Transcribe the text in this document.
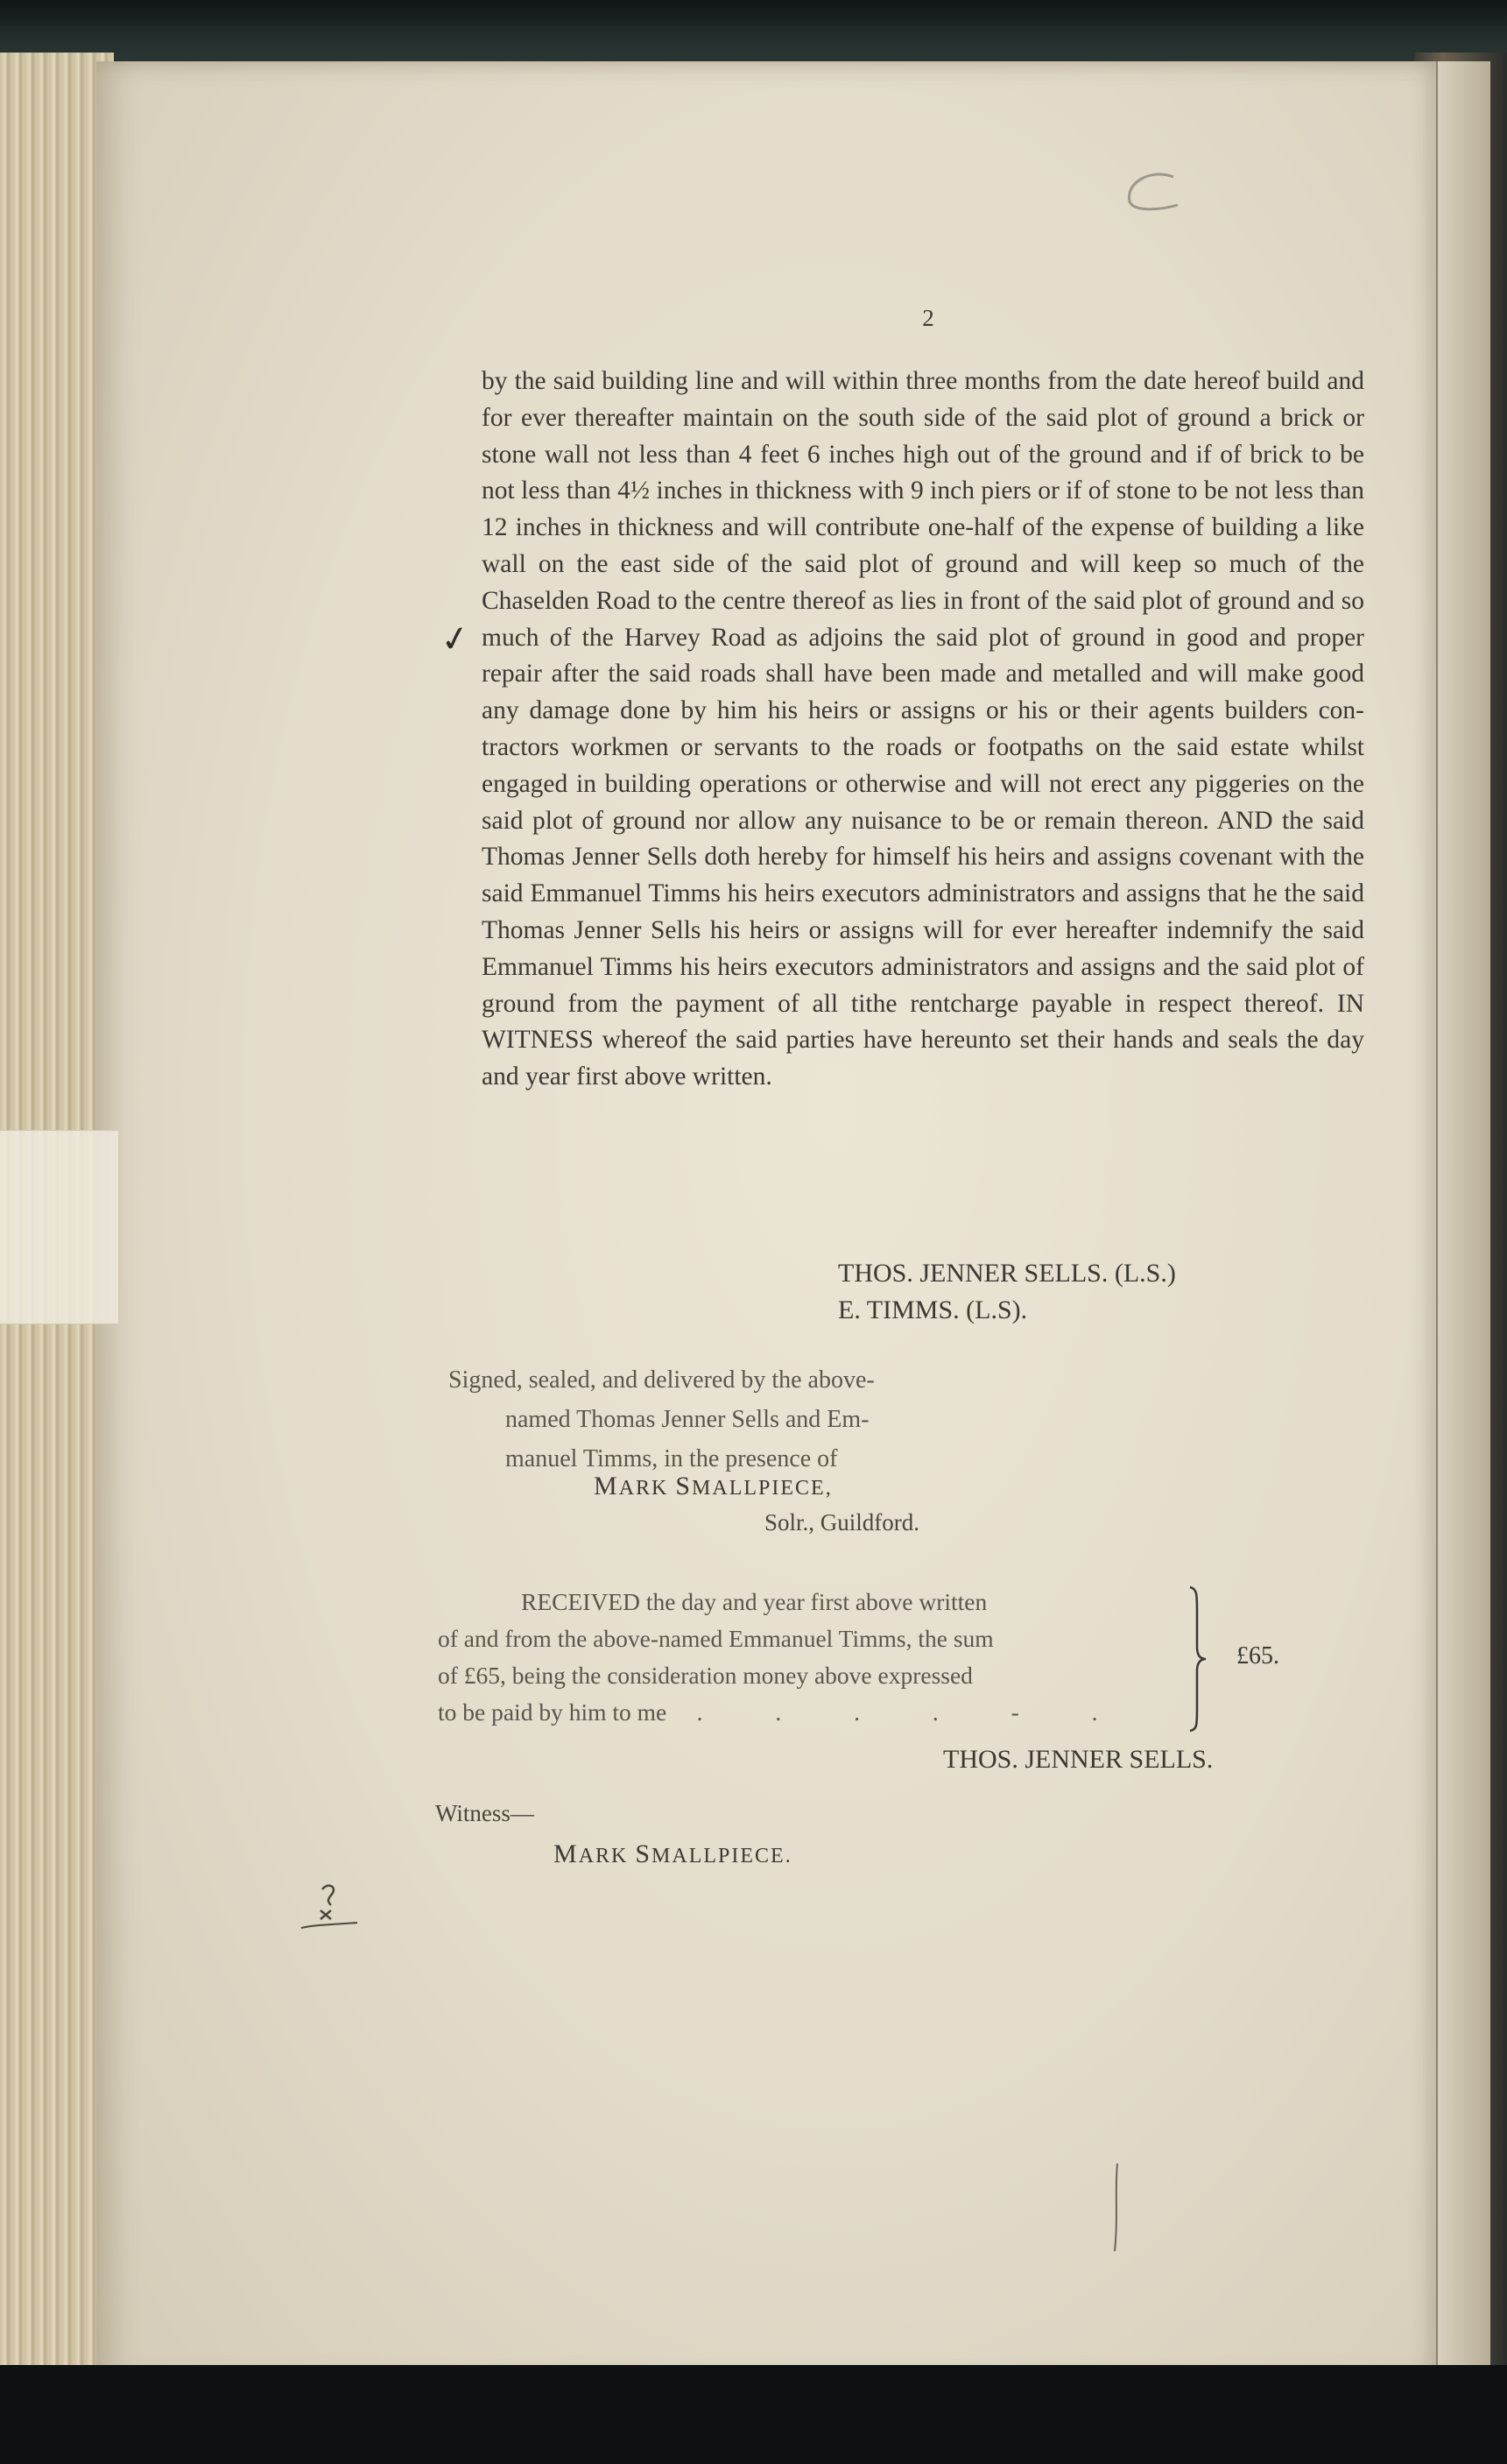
2
✓
by the said building line and will within three months from the date hereof build and for ever thereafter maintain on the south side of the said plot of ground a brick or stone wall not less than 4 feet 6 inches high out of the ground and if of brick to be not less than 4½ inches in thickness with 9 inch piers or if of stone to be not less than 12 inches in thickness and will contribute one-half of the expense of building a like wall on the east side of the said plot of ground and will keep so much of the Chaselden Road to the centre thereof as lies in front of the said plot of ground and so much of the Harvey Road as adjoins the said plot of ground in good and proper repair after the said roads shall have been made and metalled and will make good any damage done by him his heirs or assigns or his or their agents builders contractors workmen or servants to the roads or footpaths on the said estate whilst engaged in building operations or otherwise and will not erect any piggeries on the said plot of ground nor allow any nuisance to be or remain thereon. AND the said Thomas Jenner Sells doth hereby for himself his heirs and assigns covenant with the said Emmanuel Timms his heirs executors administrators and assigns that he the said Thomas Jenner Sells his heirs or assigns will for ever hereafter indemnify the said Emmanuel Timms his heirs executors administrators and assigns and the said plot of ground from the payment of all tithe rentcharge payable in respect thereof. IN WITNESS whereof the said parties have hereunto set their hands and seals the day and year first above written.
THOS. JENNER SELLS. (L.S.)
E. TIMMS. (L.S).
Signed, sealed, and delivered by the above-
named Thomas Jenner Sells and Em-
manuel Timms, in the presence of
MARK SMALLPIECE,
Solr., Guildford.
RECEIVED the day and year first above written
of and from the above-named Emmanuel Timms, the sum
of £65, being the consideration money above expressed
to be paid by him to me . . . . - .
£65.
THOS. JENNER SELLS.
Witness—
MARK SMALLPIECE.
